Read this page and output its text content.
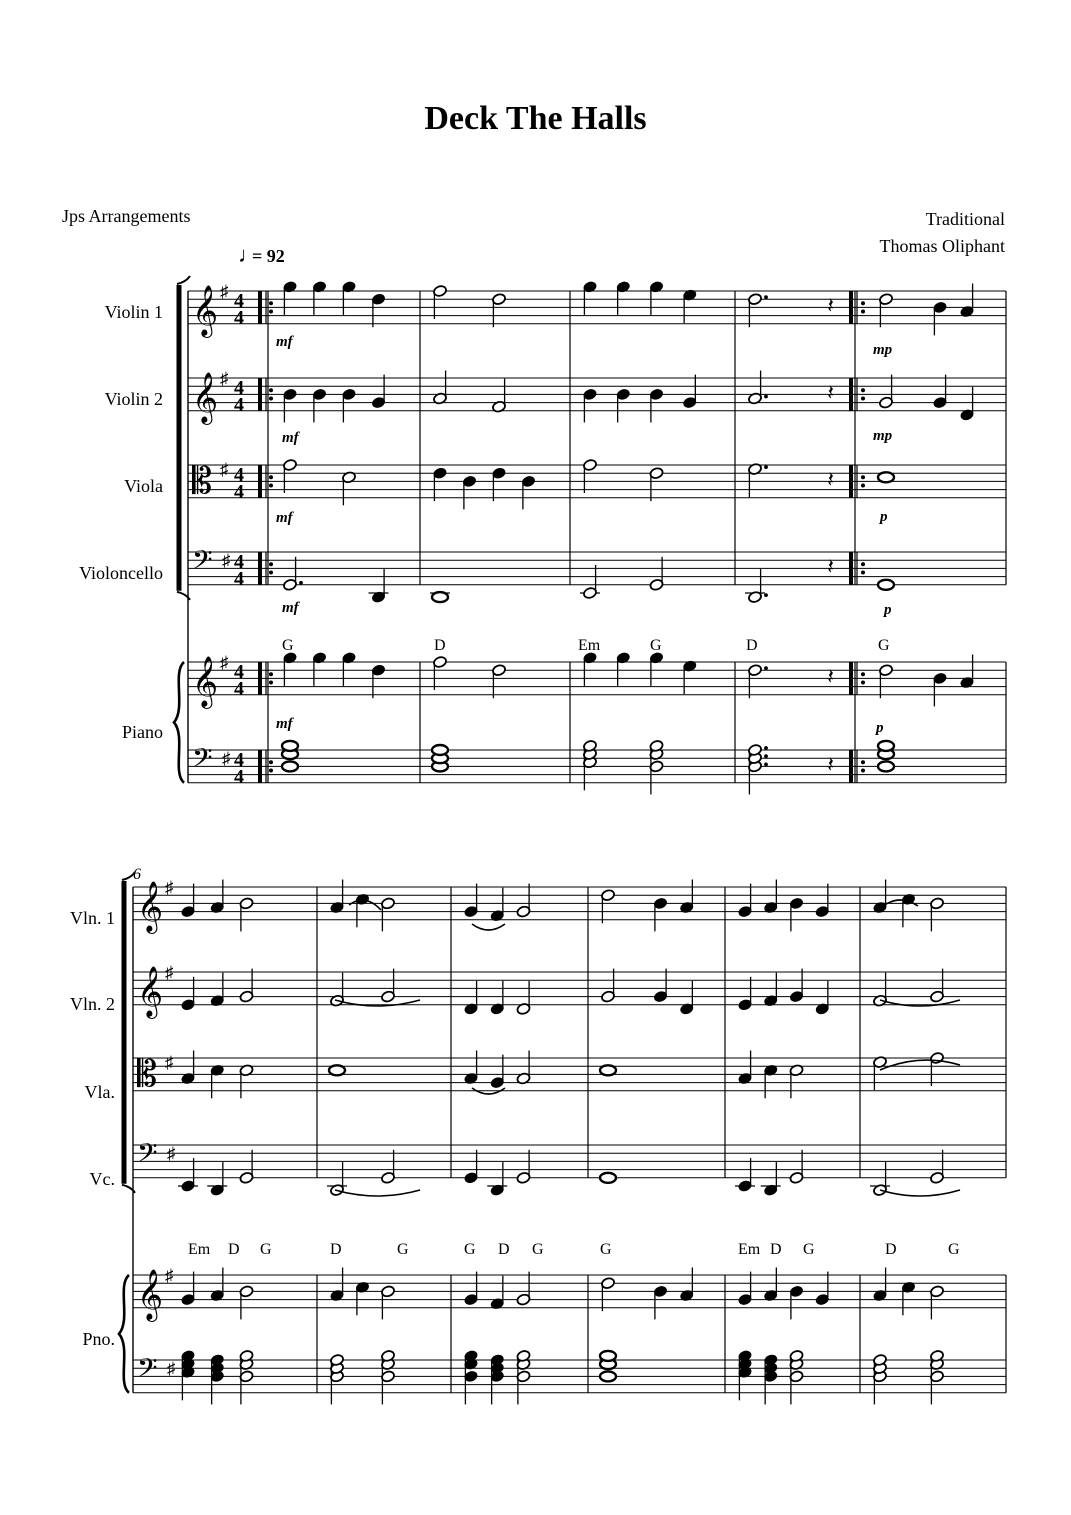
Deck The Halls
Jps Arrangements	Traditional
Thomas Oliphant
𝄞 ♯ 4
4
𝄞 ♯ 4
4
𝄡 ♯ 4
4
𝄢 ♯ 4
4
𝄞 ♯ 4
4
𝄢 ♯ 4
4
𝄞 ♯
𝄞 ♯
𝄡 ♯
𝄢 ♯
𝄞 ♯
𝄢 ♯
𝄽
𝄽
𝄽
𝄽
𝄽
𝄽
Violin 1
Violin 2
Viola
Violoncello
Piano
Vln. 1
Vln. 2
Vla.
Vc.
Pno.
♩
= 92
6
mf	mp
mf	mp
mf	p
mf	p
mf	p
G	D	Em	G	D	G
Em D G	D	G	G D G	G	Em D G	D	G
